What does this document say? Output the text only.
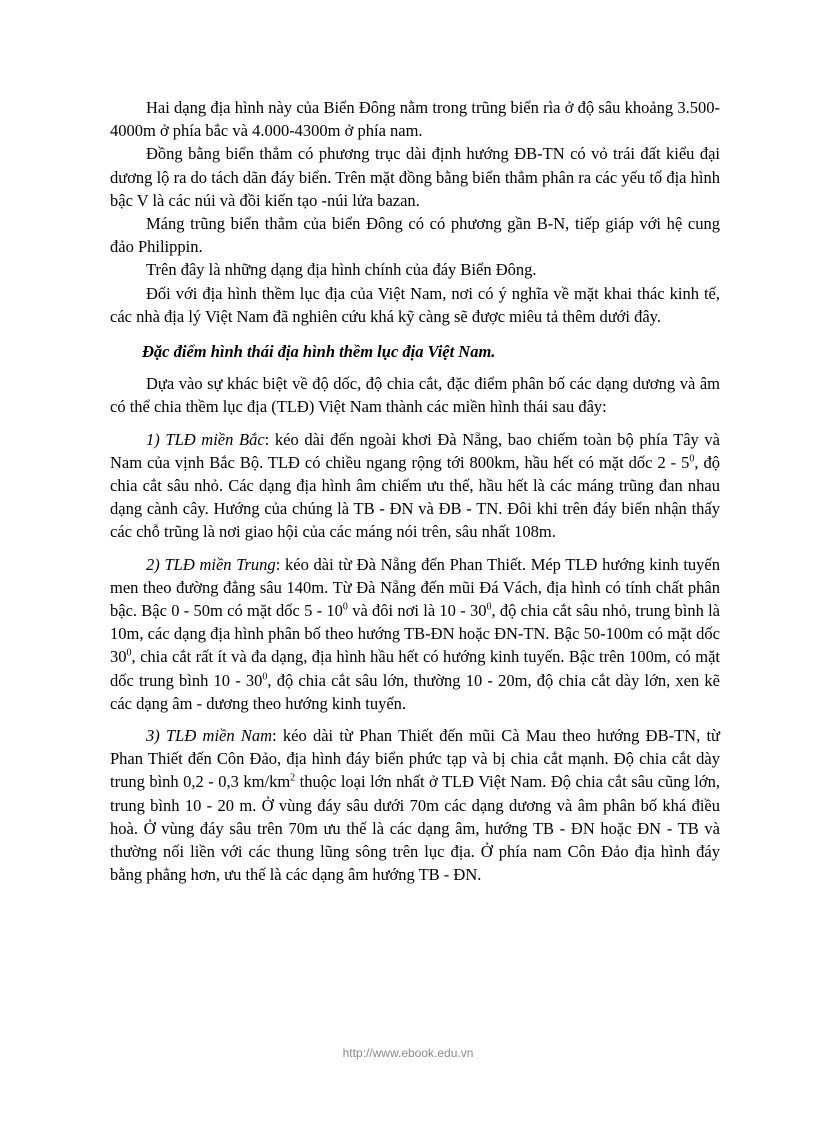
Hai dạng địa hình này của Biển Đông nằm trong trũng biển rìa ở độ sâu khoảng 3.500-4000m ở phía bắc và 4.000-4300m ở phía nam.

Đồng bằng biển thẳm có phương trục dài định hướng ĐB-TN có vỏ trái đất kiểu đại dương lộ ra do tách dãn đáy biển. Trên mặt đồng bằng biển thẳm phân ra các yếu tố địa hình bậc V là các núi và đồi kiến tạo -núi lửa bazan.

Máng trũng biển thẳm của biển Đông có có phương gần B-N, tiếp giáp với hệ cung đảo Philippin.

Trên đây là những dạng địa hình chính của đáy Biển Đông.

Đối với địa hình thềm lục địa của Việt Nam, nơi có ý nghĩa về mặt khai thác kinh tế, các nhà địa lý Việt Nam đã nghiên cứu khá kỹ càng sẽ được miêu tả thêm dưới đây.

Đặc điểm hình thái địa hình thềm lục địa Việt Nam.

Dựa vào sự khác biệt về độ dốc, độ chia cắt, đặc điểm phân bố các dạng dương và âm có thể chia thềm lục địa (TLĐ) Việt Nam thành các miền hình thái sau đây:

1) TLĐ miền Bắc: kéo dài đến ngoài khơi Đà Nẵng, bao chiếm toàn bộ phía Tây và Nam của vịnh Bắc Bộ. TLĐ có chiều ngang rộng tới 800km, hầu hết có mặt dốc $2 - 5^0$, độ chia cắt sâu nhỏ. Các dạng địa hình âm chiếm ưu thế, hầu hết là các máng trũng đan nhau dạng cành cây. Hướng của chúng là TB - ĐN và ĐB - TN. Đôi khi trên đáy biển nhận thấy các chỗ trũng là nơi giao hội của các máng nói trên, sâu nhất 108m.

2) TLĐ miền Trung: kéo dài từ Đà Nẵng đến Phan Thiết. Mép TLĐ hướng kinh tuyến men theo đường đẳng sâu 140m. Từ Đà Nẵng đến mũi Đá Vách, địa hình có tính chất phân bậc. Bậc 0 - 50m có mặt dốc $5 - 10^0$ và đôi nơi là $10 - 30^0$, độ chia cắt sâu nhỏ, trung bình là 10m, các dạng địa hình phân bố theo hướng TB-ĐN hoặc ĐN-TN. Bậc 50-100m có mặt dốc $30^0$, chia cắt rất ít và đa dạng, địa hình hầu hết có hướng kinh tuyến. Bậc trên 100m, có mặt dốc trung bình $10 - 30^0$, độ chia cắt sâu lớn, thường 10 - 20m, độ chia cắt dày lớn, xen kẽ các dạng âm - dương theo hướng kinh tuyến.

3) TLĐ miền Nam: kéo dài từ Phan Thiết đến mũi Cà Mau theo hướng ĐB-TN, từ Phan Thiết đến Côn Đảo, địa hình đáy biển phức tạp và bị chia cắt mạnh. Độ chia cắt dày trung bình 0,2 - 0,3 $km/km^2$ thuộc loại lớn nhất ở TLĐ Việt Nam. Độ chia cắt sâu cũng lớn, trung bình 10 - 20 m. Ở vùng đáy sâu dưới 70m các dạng dương và âm phân bố khá điều hoà. Ở vùng đáy sâu trên 70m ưu thế là các dạng âm, hướng TB - ĐN hoặc ĐN - TB và thường nối liền với các thung lũng sông trên lục địa. Ở phía nam Côn Đảo địa hình đáy bằng phẳng hơn, ưu thế là các dạng âm hướng TB - ĐN.

http://www.ebook.edu.vn
